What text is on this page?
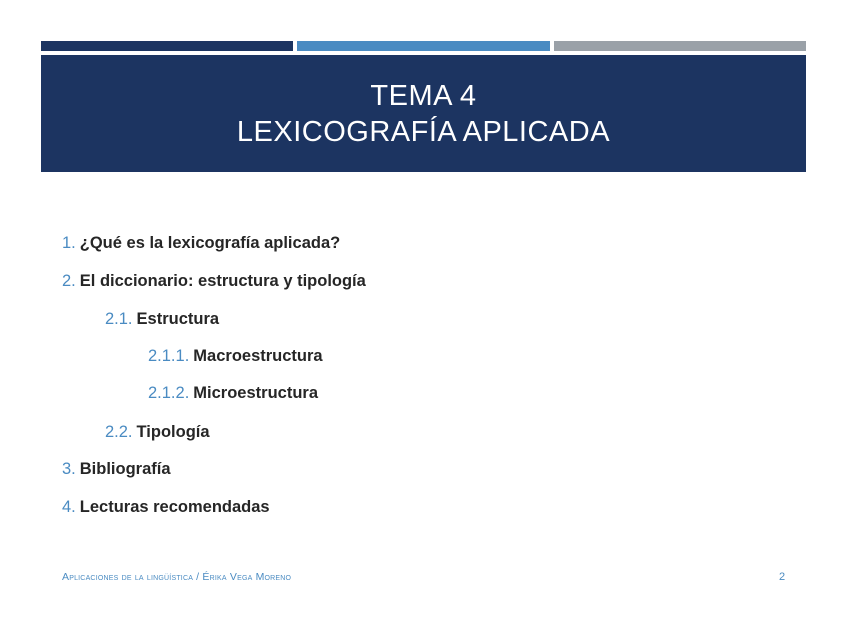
TEMA 4
LEXICOGRAFÍA APLICADA
1. ¿Qué es la lexicografía aplicada?
2. El diccionario: estructura y tipología
2.1. Estructura
2.1.1. Macroestructura
2.1.2. Microestructura
2.2. Tipología
3. Bibliografía
4. Lecturas recomendadas
Aplicaciones de la lingüística / Érika Vega Moreno	2
